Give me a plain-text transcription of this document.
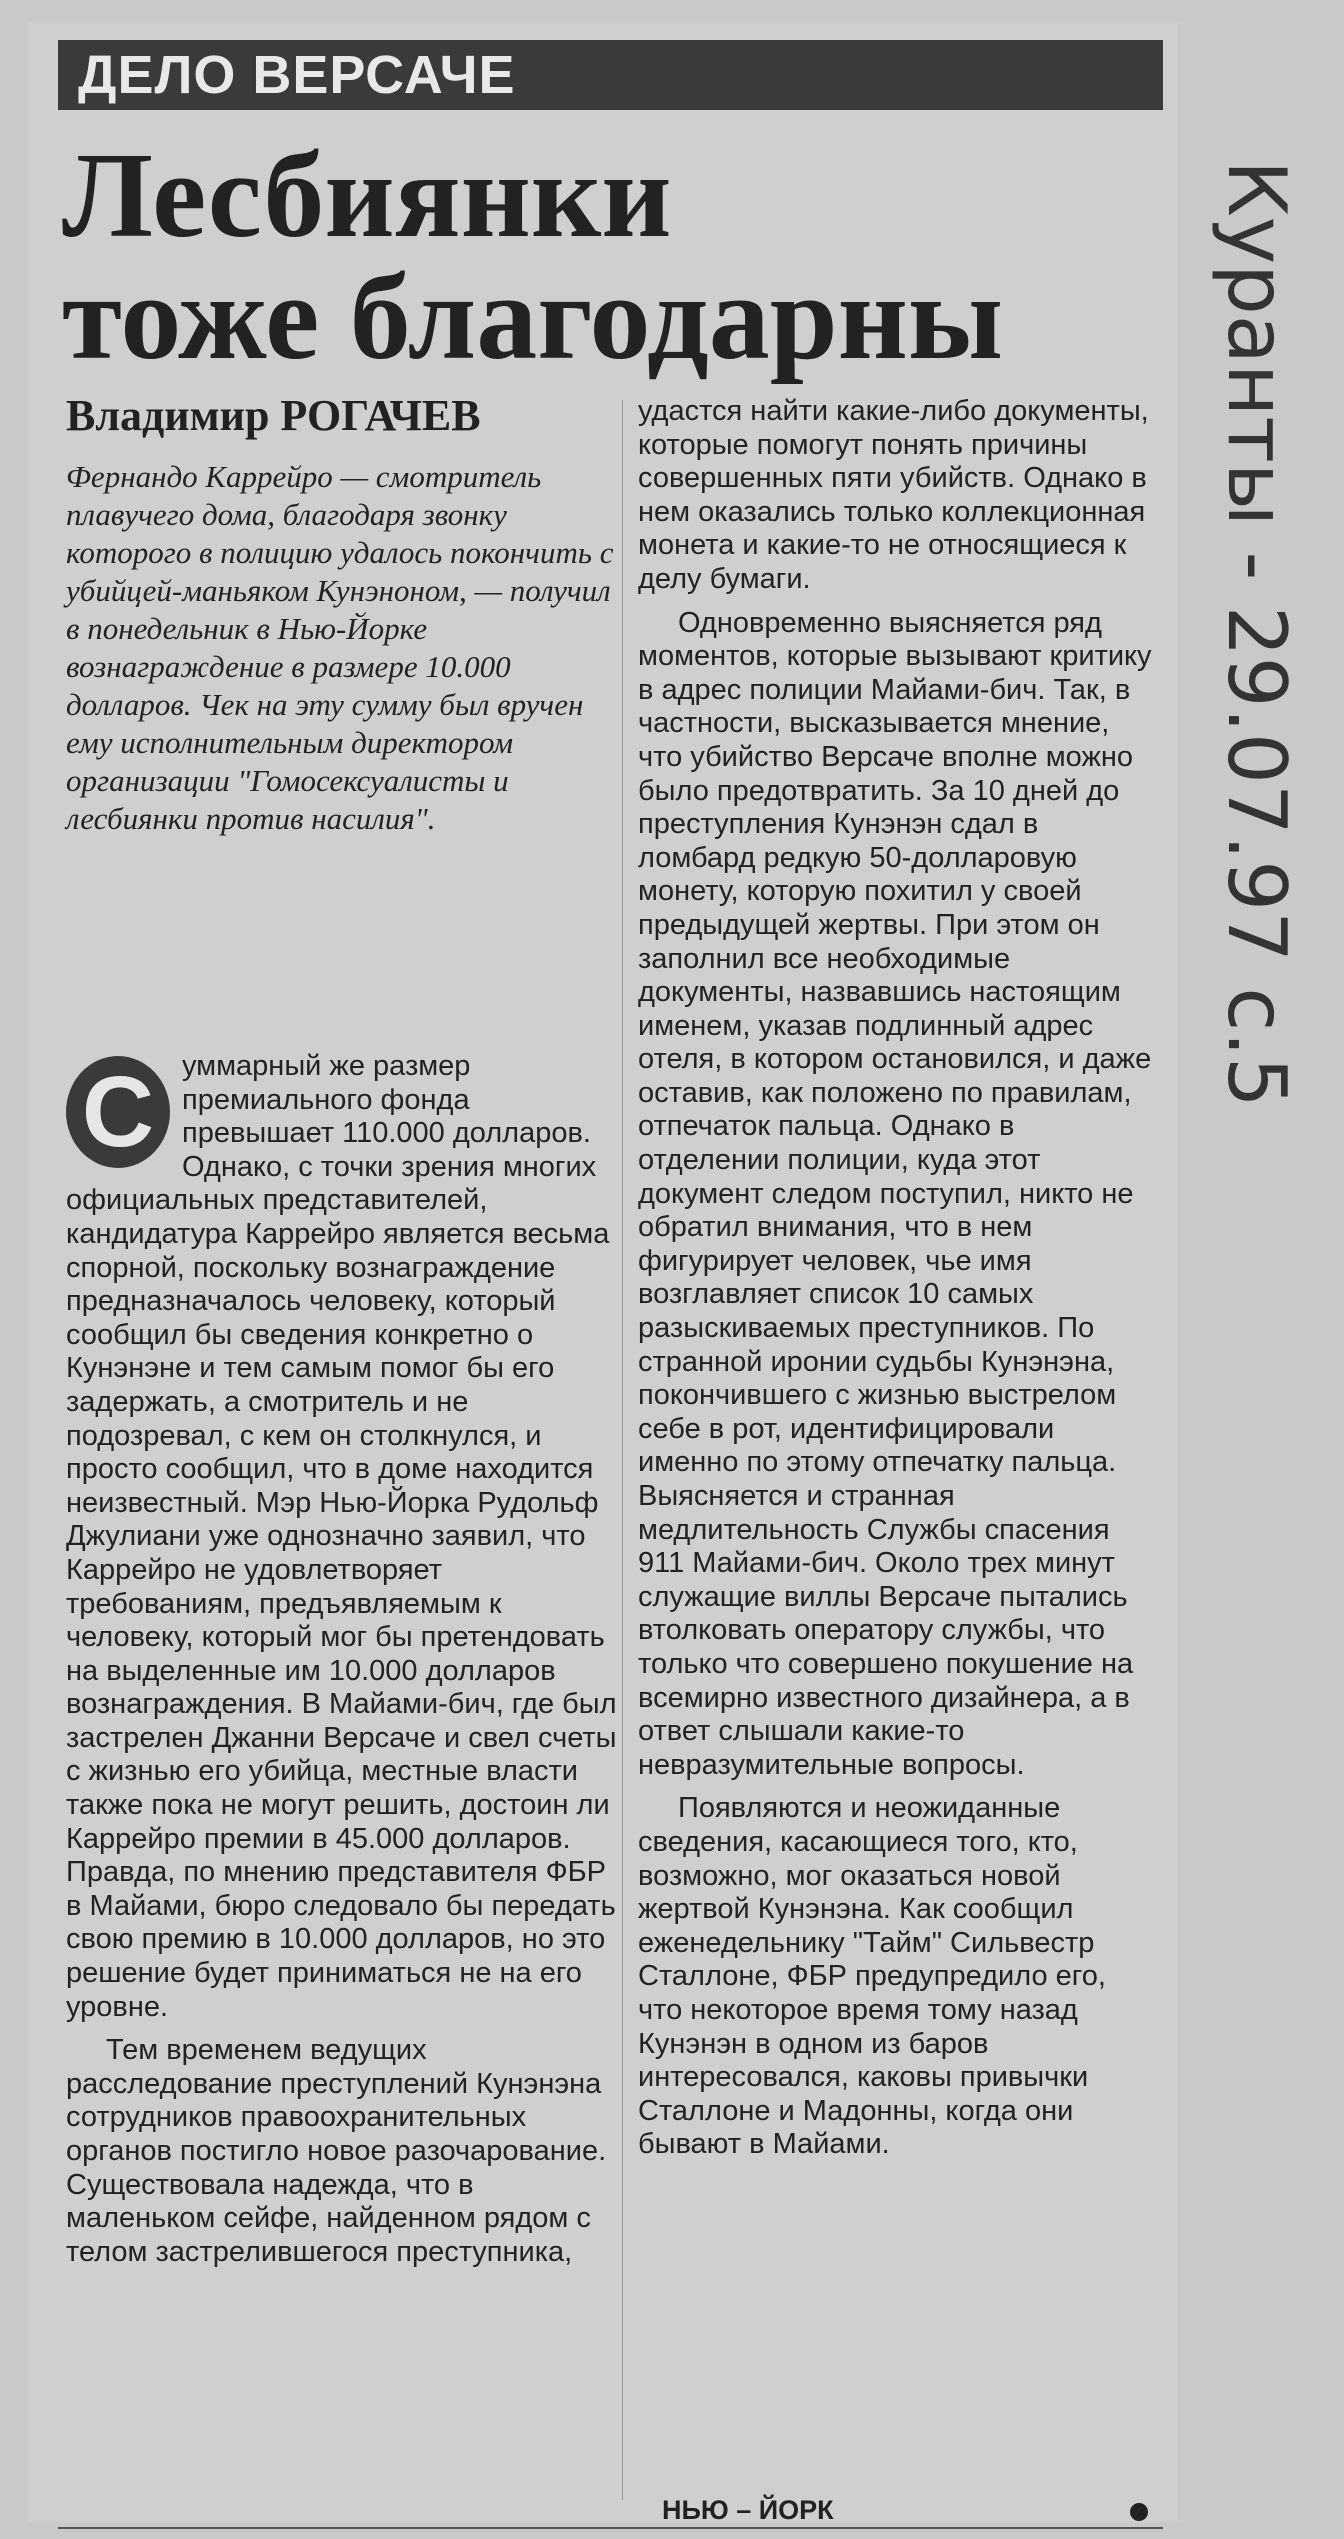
ДЕЛО ВЕРСАЧЕ
Лесбиянки
тоже благодарны

Владимир РОГАЧЕВ

Фернандо Каррейро — смотритель плавучего дома, благодаря звонку которого в полицию удалось покончить с убийцей-маньяком Кунэноном, — получил в понедельник в Нью-Йорке вознаграждение в размере 10.000 долларов. Чек на эту сумму был вручен ему исполнительным директором организации "Гомосексуалисты и лесбиянки против насилия".

С уммарный же размер премиального фонда превышает 110.000 долларов. Однако, с точки зрения многих официальных представителей, кандидатура Каррейро является весьма спорной, поскольку вознаграждение предназначалось человеку, который сообщил бы сведения конкретно о Кунэнэне и тем самым помог бы его задержать, а смотритель и не подозревал, с кем он столкнулся, и просто сообщил, что в доме находится неизвестный. Мэр Нью-Йорка Рудольф Джулиани уже однозначно заявил, что Каррейро не удовлетворяет требованиям, предъявляемым к человеку, который мог бы претендовать на выделенные им 10.000 долларов вознаграждения. В Майами-бич, где был застрелен Джанни Версаче и свел счеты с жизнью его убийца, местные власти также пока не могут решить, достоин ли Каррейро премии в 45.000 долларов. Правда, по мнению представителя ФБР в Майами, бюро следовало бы передать свою премию в 10.000 долларов, но это решение будет приниматься не на его уровне.

Тем временем ведущих расследование преступлений Кунэнэна сотрудников правоохранительных органов постигло новое разочарование. Существовала надежда, что в маленьком сейфе, найденном рядом с телом застрелившегося преступника,

удастся найти какие-либо документы, которые помогут понять причины совершенных пяти убийств. Однако в нем оказались только коллекционная монета и какие-то не относящиеся к делу бумаги.

Одновременно выясняется ряд моментов, которые вызывают критику в адрес полиции Майами-бич. Так, в частности, высказывается мнение, что убийство Версаче вполне можно было предотвратить. За 10 дней до преступления Кунэнэн сдал в ломбард редкую 50-долларовую монету, которую похитил у своей предыдущей жертвы. При этом он заполнил все необходимые документы, назвавшись настоящим именем, указав подлинный адрес отеля, в котором остановился, и даже оставив, как положено по правилам, отпечаток пальца. Однако в отделении полиции, куда этот документ следом поступил, никто не обратил внимания, что в нем фигурирует человек, чье имя возглавляет список 10 самых разыскиваемых преступников. По странной иронии судьбы Кунэнэна, покончившего с жизнью выстрелом себе в рот, идентифицировали именно по этому отпечатку пальца. Выясняется и странная медлительность Службы спасения 911 Майами-бич. Около трех минут служащие виллы Версаче пытались втолковать оператору службы, что только что совершено покушение на всемирно известного дизайнера, а в ответ слышали какие-то невразумительные вопросы.

Появляются и неожиданные сведения, касающиеся того, кто, возможно, мог оказаться новой жертвой Кунэнэна. Как сообщил еженедельнику "Тайм" Сильвестр Сталлоне, ФБР предупредило его, что некоторое время тому назад Кунэнэн в одном из баров интересовался, каковы привычки Сталлоне и Мадонны, когда они бывают в Майами.

НЬЮ – ЙОРК

Куранты - 29.07.97 с.5
